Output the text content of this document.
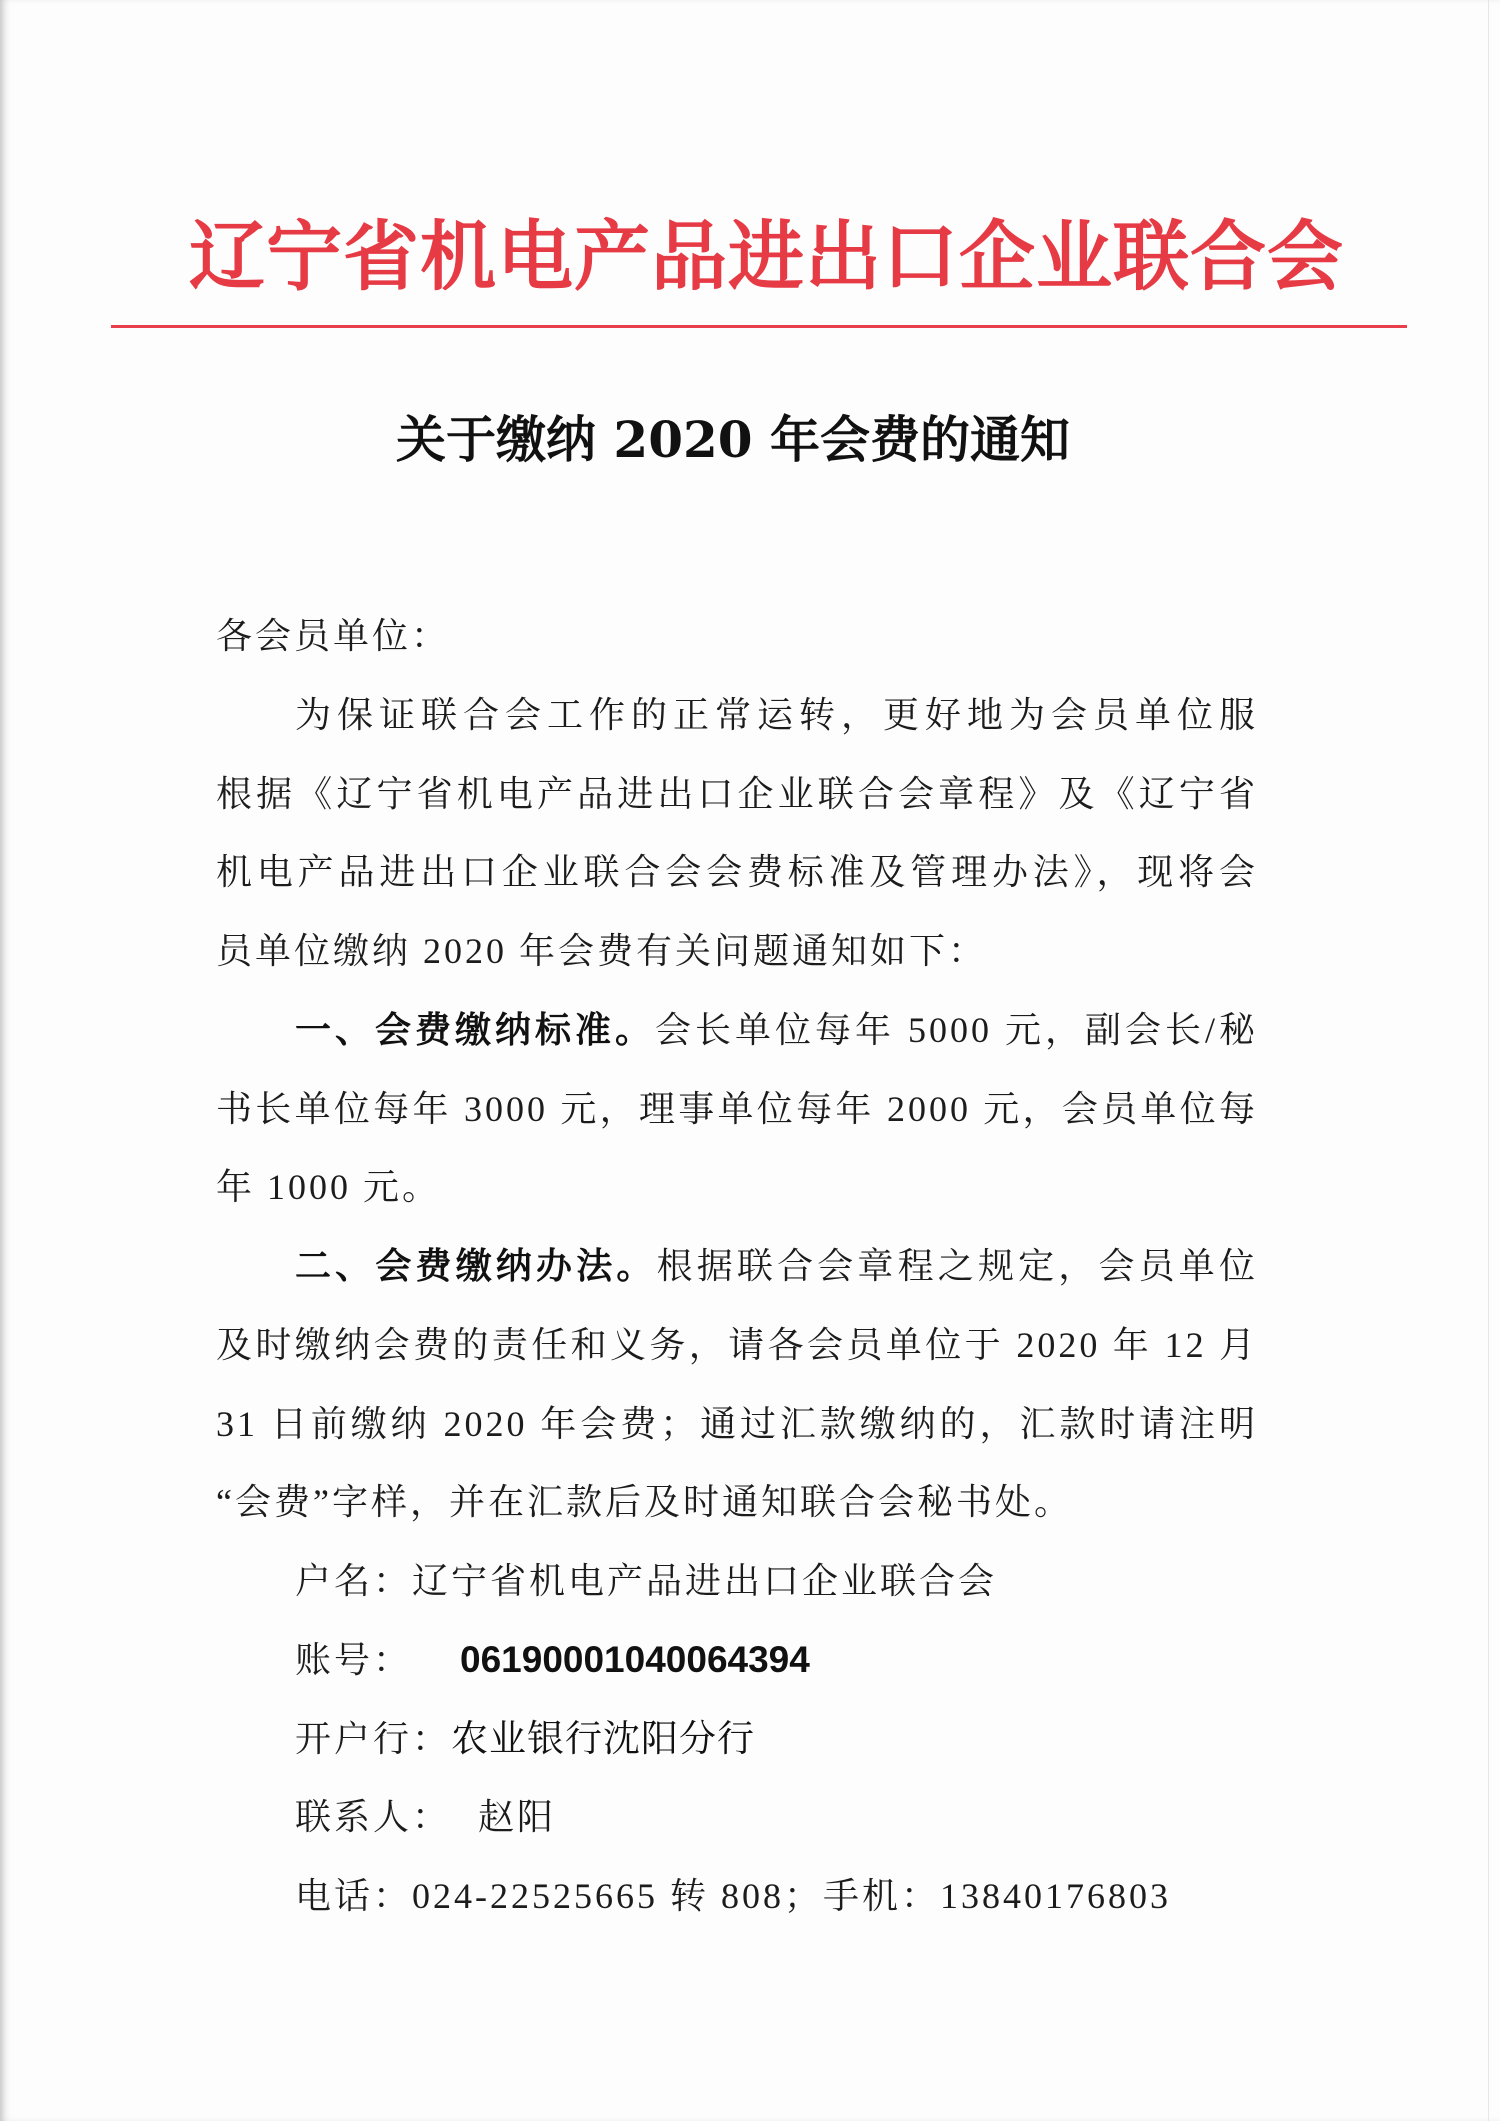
辽宁省机电产品进出口企业联合会
关于缴纳 2020 年会费的通知
各会员单位：
为保证联合会工作的正常运转，更好地为会员单位服
根据《辽宁省机电产品进出口企业联合会章程》及《辽宁省
机电产品进出口企业联合会会费标准及管理办法》，现将会
员单位缴纳 2020 年会费有关问题通知如下：
一、会费缴纳标准。会长单位每年 5000 元，副会长/秘
书长单位每年 3000 元，理事单位每年 2000 元，会员单位每
年 1000 元。
二、会费缴纳办法。根据联合会章程之规定，会员单位
及时缴纳会费的责任和义务，请各会员单位于 2020 年 12 月
31 日前缴纳 2020 年会费；通过汇款缴纳的，汇款时请注明
“会费”字样，并在汇款后及时通知联合会秘书处。
户名：辽宁省机电产品进出口企业联合会
账号： 06190001040064394
开户行：农业银行沈阳分行
联系人： 赵阳
电话：024-22525665 转 808；手机：13840176803
